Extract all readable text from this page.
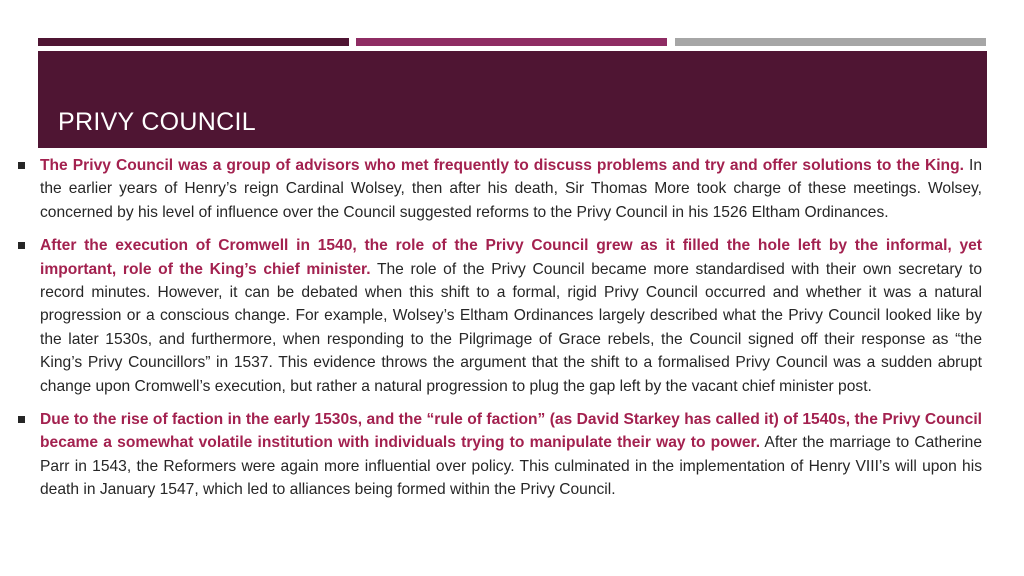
PRIVY COUNCIL
The Privy Council was a group of advisors who met frequently to discuss problems and try and offer solutions to the King. In the earlier years of Henry’s reign Cardinal Wolsey, then after his death, Sir Thomas More took charge of these meetings. Wolsey, concerned by his level of influence over the Council suggested reforms to the Privy Council in his 1526 Eltham Ordinances.
After the execution of Cromwell in 1540, the role of the Privy Council grew as it filled the hole left by the informal, yet important, role of the King’s chief minister. The role of the Privy Council became more standardised with their own secretary to record minutes. However, it can be debated when this shift to a formal, rigid Privy Council occurred and whether it was a natural progression or a conscious change. For example, Wolsey’s Eltham Ordinances largely described what the Privy Council looked like by the later 1530s, and furthermore, when responding to the Pilgrimage of Grace rebels, the Council signed off their response as “the King’s Privy Councillors” in 1537. This evidence throws the argument that the shift to a formalised Privy Council was a sudden abrupt change upon Cromwell’s execution, but rather a natural progression to plug the gap left by the vacant chief minister post.
Due to the rise of faction in the early 1530s, and the “rule of faction” (as David Starkey has called it) of 1540s, the Privy Council became a somewhat volatile institution with individuals trying to manipulate their way to power. After the marriage to Catherine Parr in 1543, the Reformers were again more influential over policy. This culminated in the implementation of Henry VIII’s will upon his death in January 1547, which led to alliances being formed within the Privy Council.
